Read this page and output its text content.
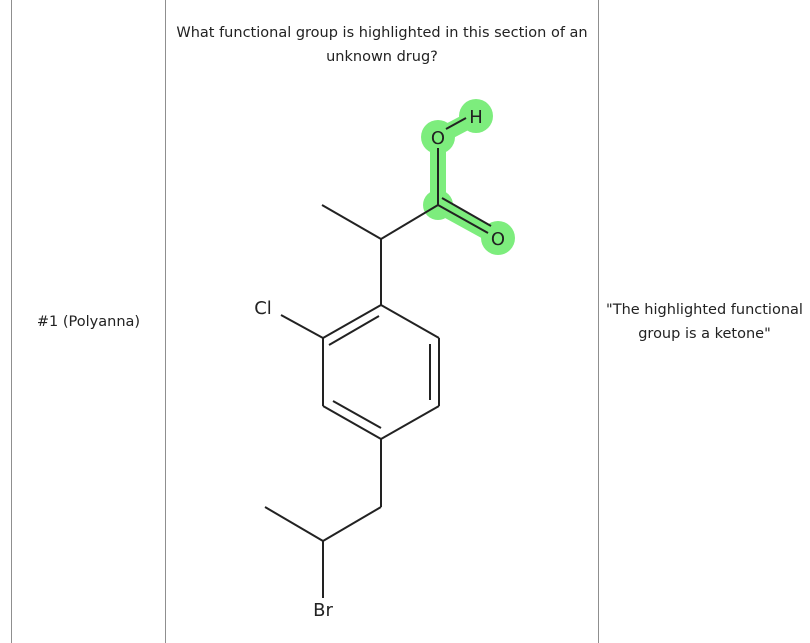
#1 (Polyanna)
What functional group is highlighted in this section of an unknown drug?
"The highlighted functional group is a ketone"
Cl
Br
O
H
O
